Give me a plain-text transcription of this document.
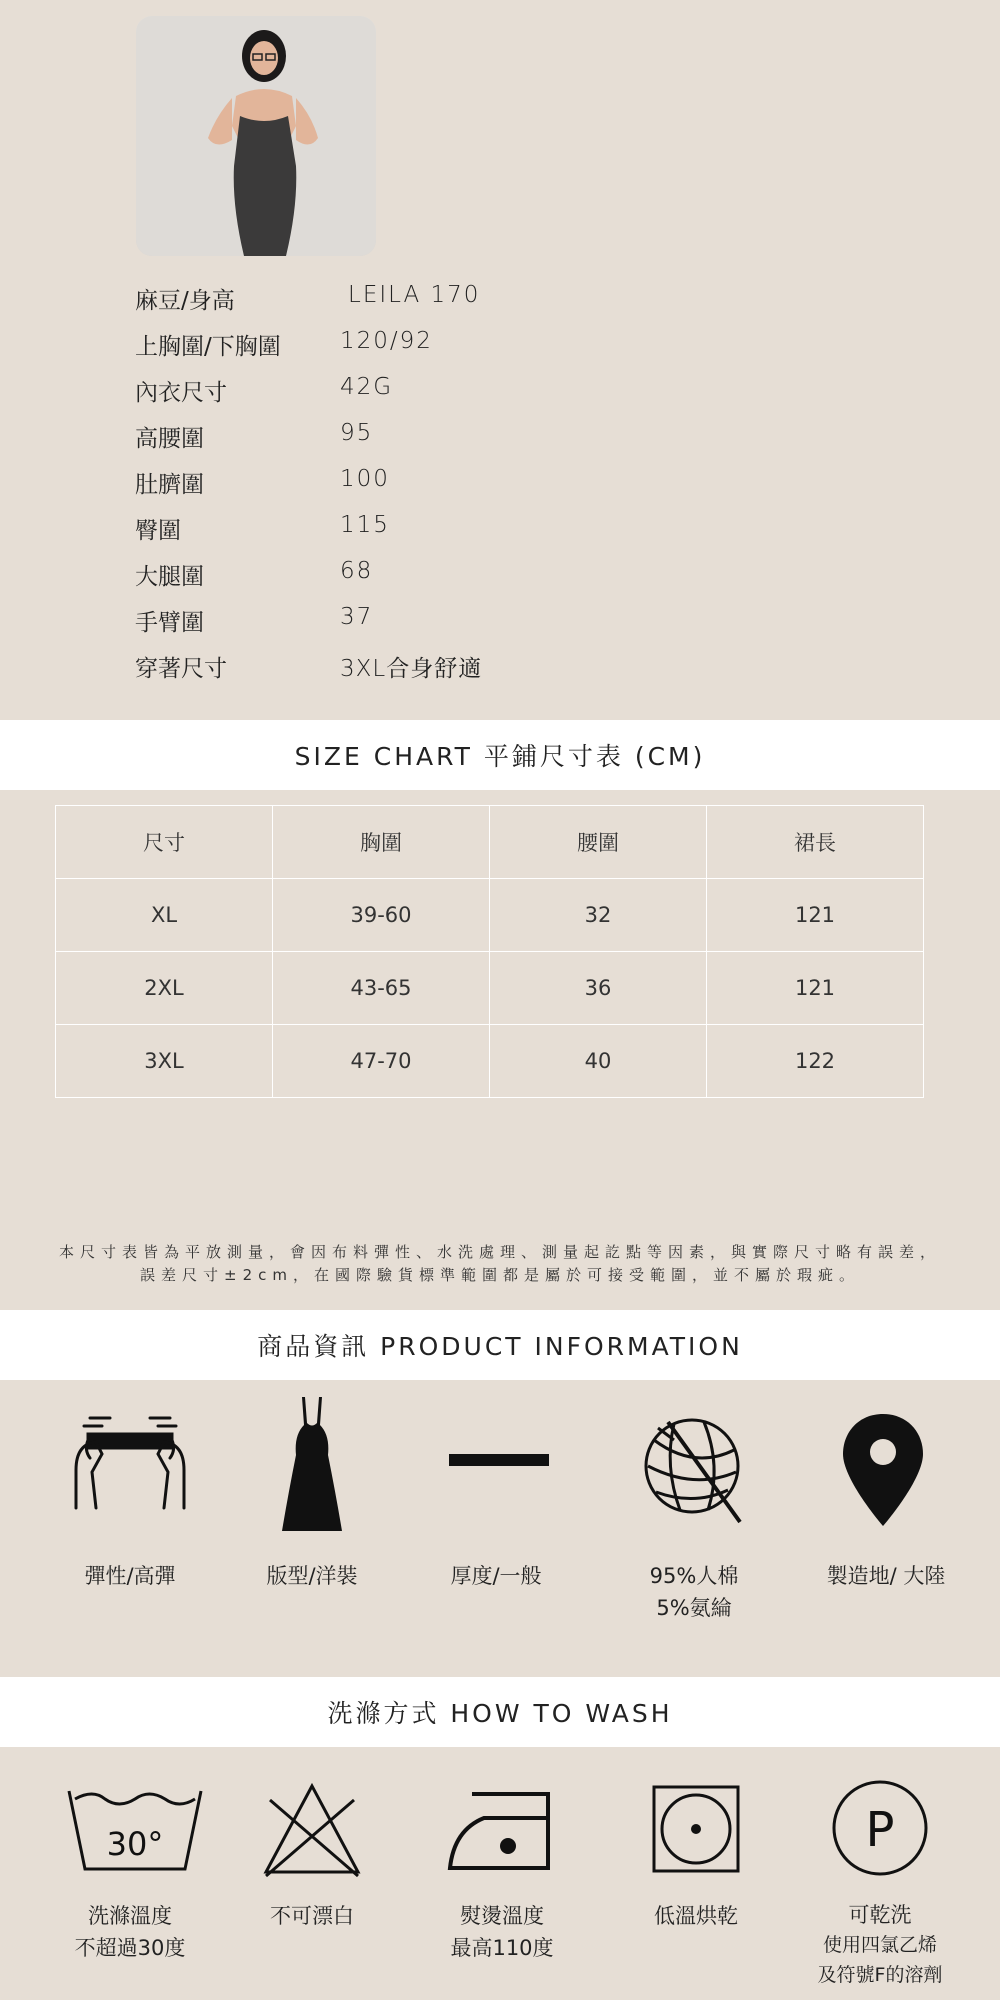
麻豆/身高	LEILA 170
上胸圍/下胸圍	120/92
內衣尺寸	42G
高腰圍	95
肚臍圍	100
臀圍	115
大腿圍	68
手臂圍	37
穿著尺寸	3XL合身舒適
SIZE CHART 平鋪尺寸表 (CM)
尺寸	胸圍	腰圍	裙長
XL	39-60	32	121
2XL	43-65	36	121
3XL	47-70	40	122
本尺寸表皆為平放測量，會因布料彈性、水洗處理、測量起訖點等因素，與實際尺寸略有誤差，
誤差尺寸±2cm，在國際驗貨標準範圍都是屬於可接受範圍，並不屬於瑕疵。
商品資訊 PRODUCT INFORMATION
彈性/高彈	版型/洋裝	厚度/一般	95%人棉
5%氨綸
製造地/ 大陸
洗滌方式 HOW TO WASH
30°	P
洗滌溫度
不超過30度
不可漂白	熨燙溫度
最高110度
低溫烘乾	可乾洗
使用四氯乙烯
及符號F的溶劑
